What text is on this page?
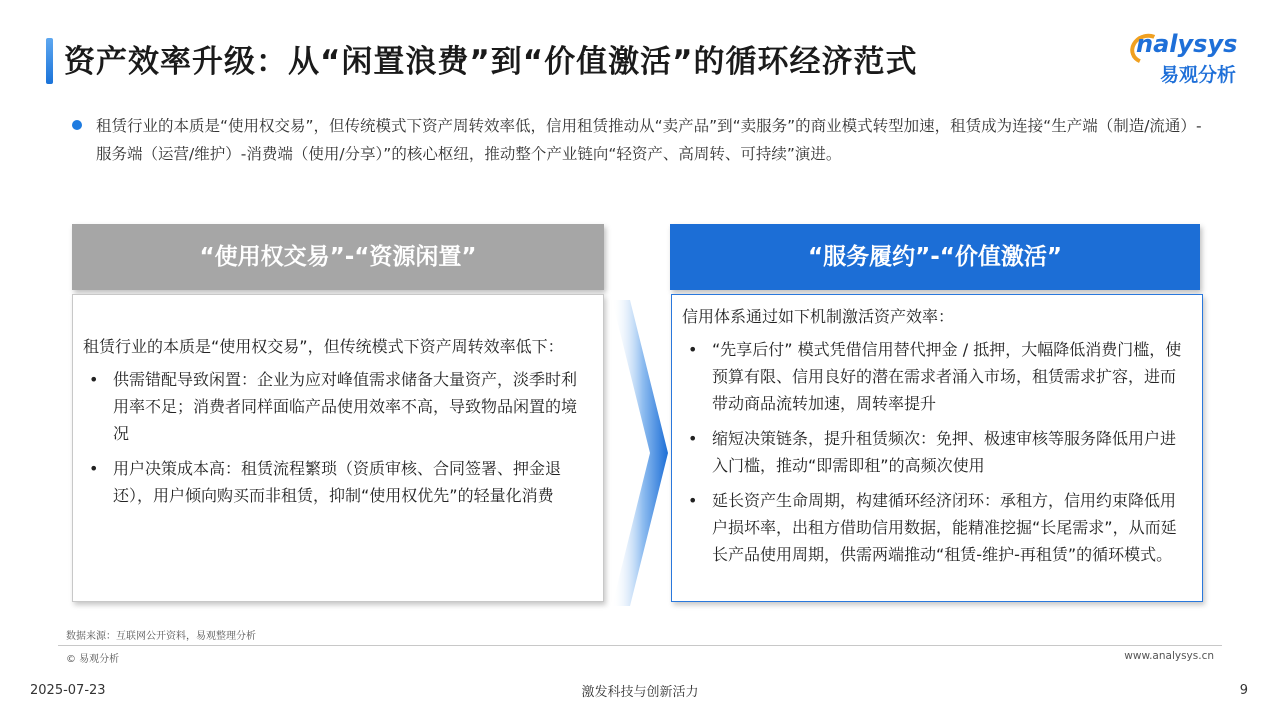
资产效率升级：从“闲置浪费”到“价值激活”的循环经济范式	nalysys
易观分析
租赁行业的本质是“使用权交易”，但传统模式下资产周转效率低，信用租赁推动从“卖产品”到“卖服务”的商业模式转型加速，租赁成为连接“生产端（制造/流通）-服务端（运营/维护）-消费端（使用/分享）”的核心枢纽，推动整个产业链向“轻资产、高周转、可持续”演进。
“使用权交易”-“资源闲置”

租赁行业的本质是“使用权交易”，但传统模式下资产周转效率低下：

• 供需错配导致闲置：企业为应对峰值需求储备大量资产，淡季时利用率不足；消费者同样面临产品使用效率不高，导致物品闲置的境况
• 用户决策成本高：租赁流程繁琐（资质审核、合同签署、押金退还），用户倾向购买而非租赁，抑制“使用权优先”的轻量化消费
“服务履约”-“价值激活”

信用体系通过如下机制激活资产效率：

• “先享后付” 模式凭借信用替代押金 / 抵押，大幅降低消费门槛，使预算有限、信用良好的潜在需求者涌入市场，租赁需求扩容，进而带动商品流转加速，周转率提升
• 缩短决策链条，提升租赁频次：免押、极速审核等服务降低用户进入门槛，推动“即需即租”的高频次使用
• 延长资产生命周期，构建循环经济闭环：承租方，信用约束降低用户损坏率，出租方借助信用数据，能精准挖掘“长尾需求”，从而延长产品使用周期，供需两端推动“租赁-维护-再租赁”的循环模式。
数据来源：互联网公开资料，易观整理分析
© 易观分析	www.analysys.cn
2025-07-23	激发科技与创新活力	9
